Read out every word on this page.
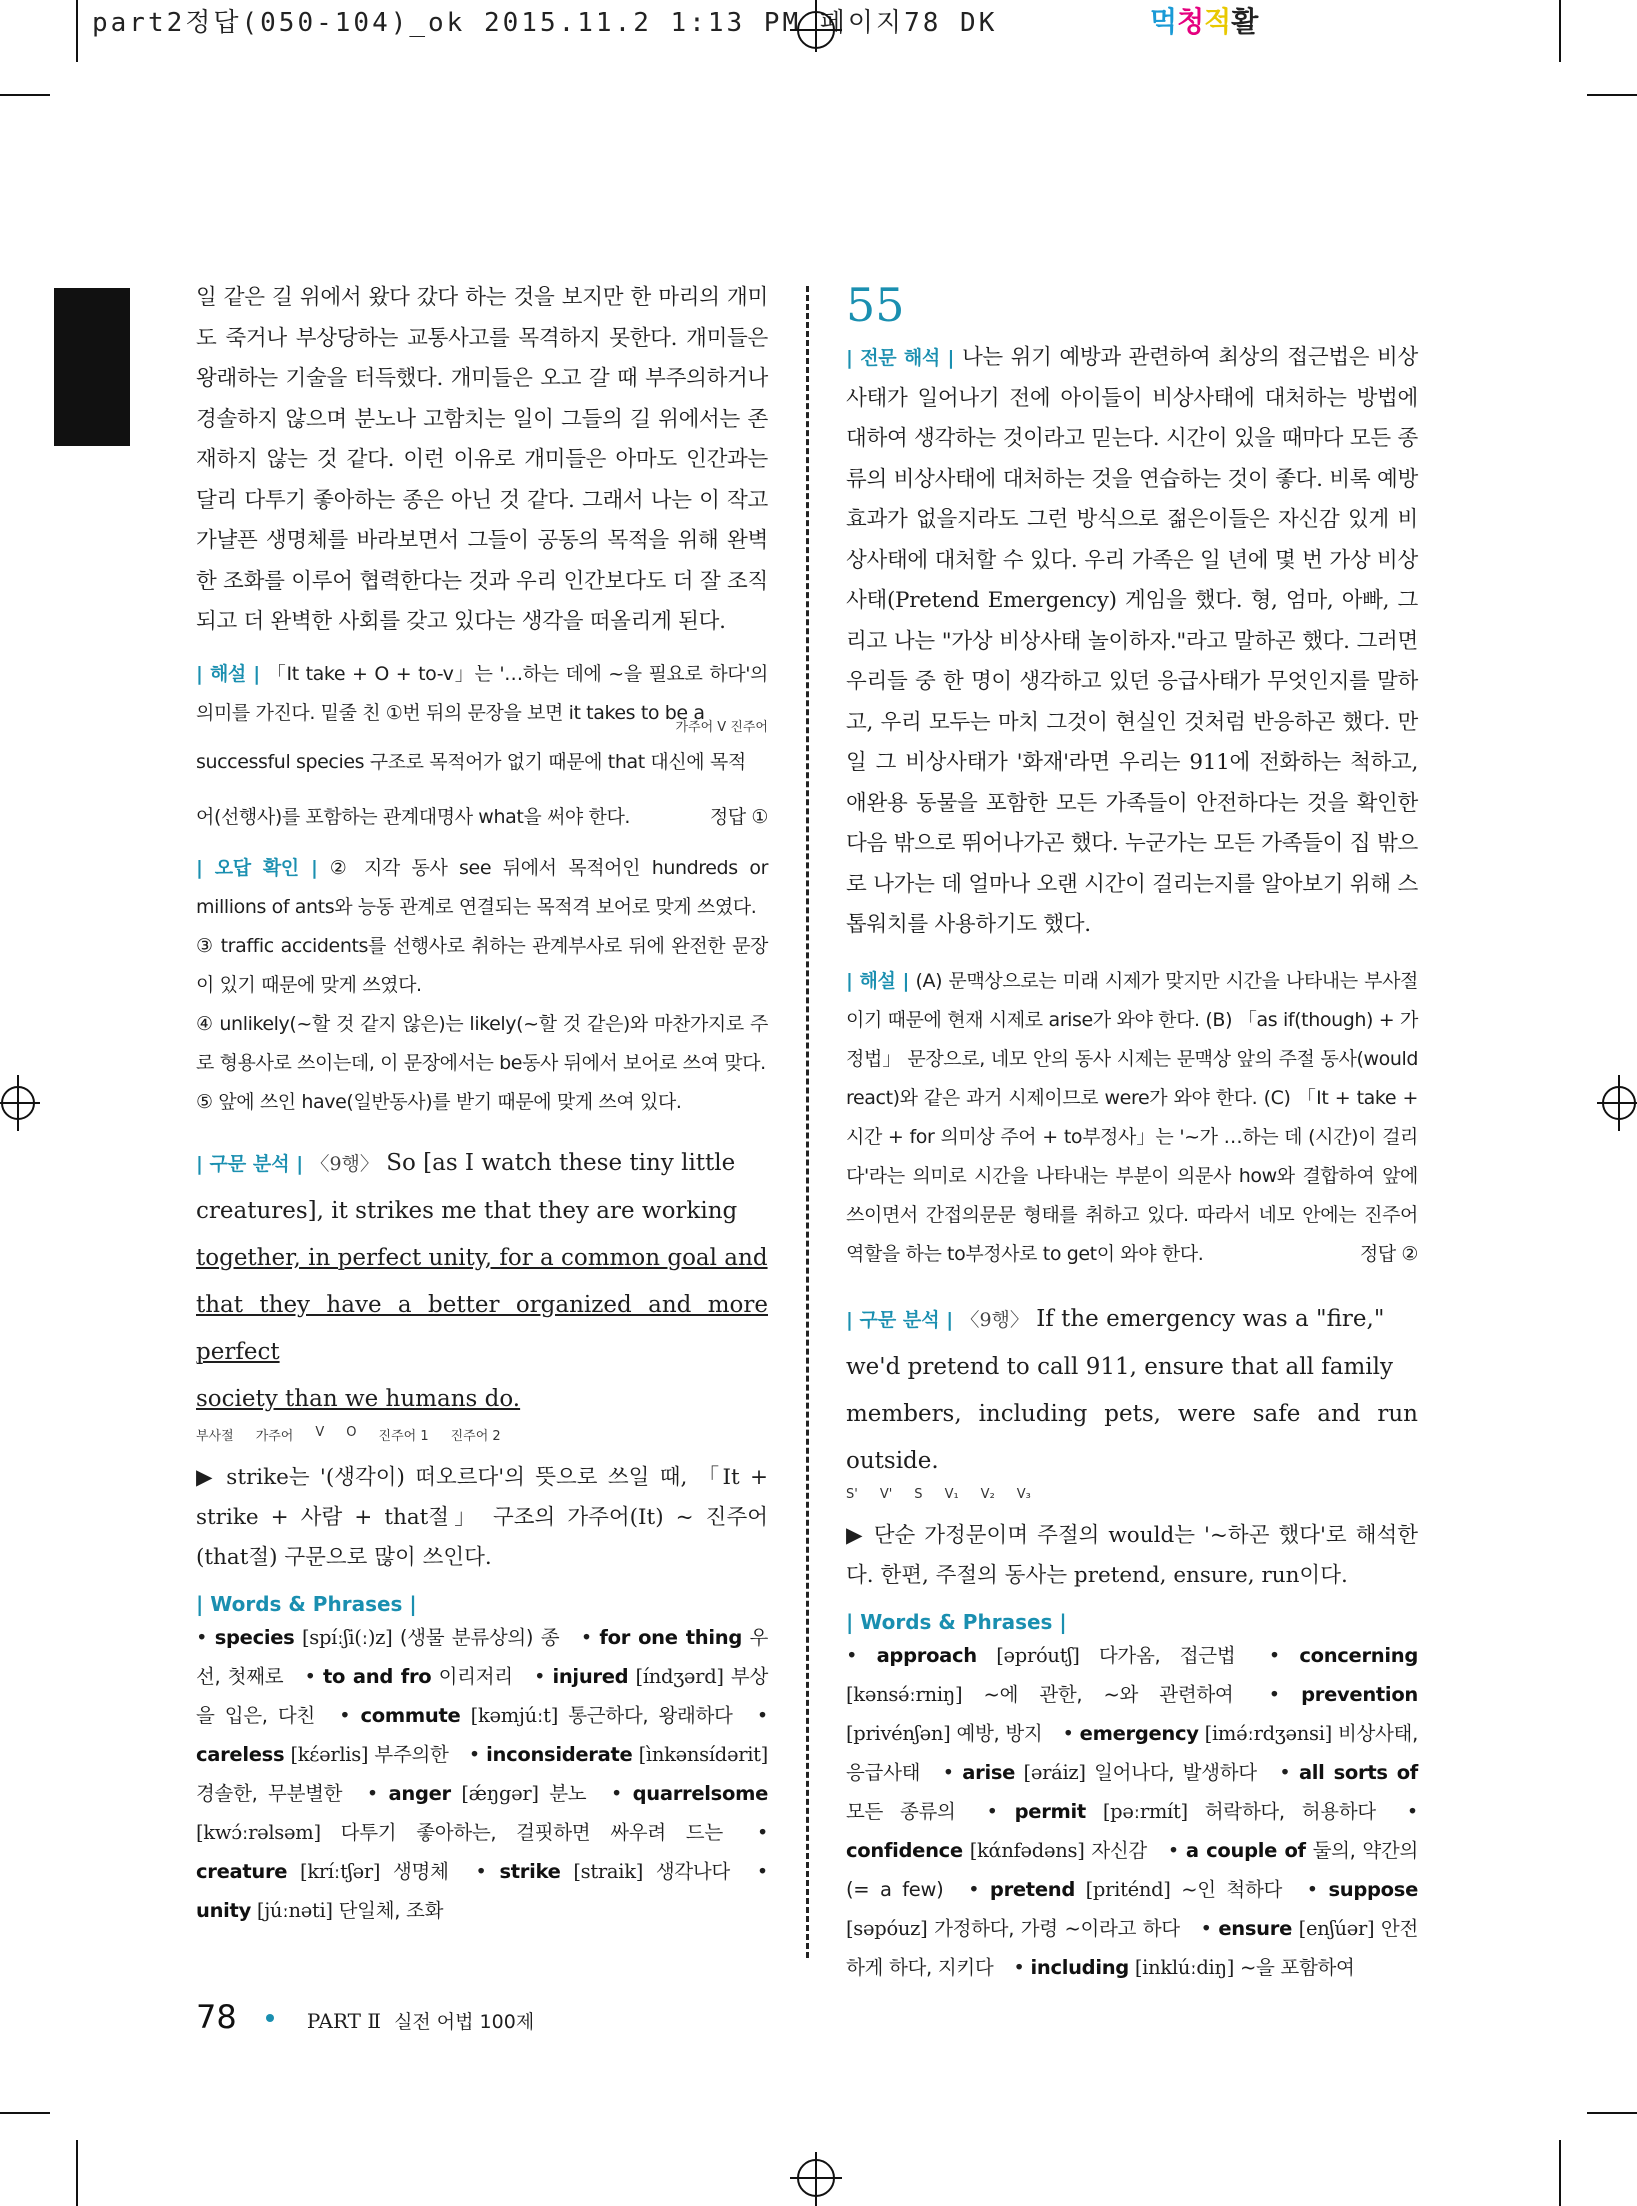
part2정답(050-104)_ok 2015.11.2 1:13 PM 페이지78 DK	먹청적활

일 같은 길 위에서 왔다 갔다 하는 것을 보지만 한 마리의 개미도 죽거나 부상당하는 교통사고를 목격하지 못한다. 개미들은 왕래하는 기술을 터득했다. 개미들은 오고 갈 때 부주의하거나 경솔하지 않으며 분노나 고함치는 일이 그들의 길 위에서는 존재하지 않는 것 같다. 이런 이유로 개미들은 아마도 인간과는 달리 다투기 좋아하는 종은 아닌 것 같다. 그래서 나는 이 작고 가냘픈 생명체를 바라보면서 그들이 공동의 목적을 위해 완벽한 조화를 이루어 협력한다는 것과 우리 인간보다도 더 잘 조직되고 더 완벽한 사회를 갖고 있다는 생각을 떠올리게 된다.

| 해설 | 「It take + O + to-v」는 '…하는 데에 ~을 필요로 하다'의 의미를 가진다. 밑줄 친 ①번 뒤의 문장을 보면 it takes to be a

가주어 V 진주어

successful species 구조로 목적어가 없기 때문에 that 대신에 목적

어(선행사)를 포함하는 관계대명사 what을 써야 한다.	정답 ①

| 오답 확인 | ② 지각 동사 see 뒤에서 목적어인 hundreds or millions of ants와 능동 관계로 연결되는 목적격 보어로 맞게 쓰였다.
③ traffic accidents를 선행사로 취하는 관계부사로 뒤에 완전한 문장이 있기 때문에 맞게 쓰였다.
④ unlikely(~할 것 같지 않은)는 likely(~할 것 같은)와 마찬가지로 주로 형용사로 쓰이는데, 이 문장에서는 be동사 뒤에서 보어로 쓰여 맞다.
⑤ 앞에 쓰인 have(일반동사)를 받기 때문에 맞게 쓰여 있다.

| 구문 분석 | 〈9행〉 So [as I watch these tiny little

creatures], it strikes me that they are working

together, in perfect unity, for a common goal and

that they have a better organized and more perfect

society than we humans do.

부사절 가주어 V O 진주어 1 진주어 2

▶ strike는 '(생각이) 떠오르다'의 뜻으로 쓰일 때, 「It + strike + 사람 + that절」 구조의 가주어(It) ~ 진주어(that절) 구문으로 많이 쓰인다.

| Words & Phrases |

• species [spíːʃi(ː)z] (생물 분류상의) 종 • for one thing 우선, 첫째로 • to and fro 이리저리 • injured [índʒərd] 부상을 입은, 다친 • commute [kəmjúːt] 통근하다, 왕래하다 • careless [kέərlis] 부주의한 • inconsiderate [ìnkənsídərit] 경솔한, 무분별한 • anger [ǽŋgər] 분노 • quarrelsome [kwɔ́ːrəlsəm] 다투기 좋아하는, 걸핏하면 싸우려 드는 • creature [kríːtʃər] 생명체 • strike [straik] 생각나다 • unity [júːnəti] 단일체, 조화

55

| 전문 해석 | 나는 위기 예방과 관련하여 최상의 접근법은 비상사태가 일어나기 전에 아이들이 비상사태에 대처하는 방법에 대하여 생각하는 것이라고 믿는다. 시간이 있을 때마다 모든 종류의 비상사태에 대처하는 것을 연습하는 것이 좋다. 비록 예방 효과가 없을지라도 그런 방식으로 젊은이들은 자신감 있게 비상사태에 대처할 수 있다. 우리 가족은 일 년에 몇 번 가상 비상사태(Pretend Emergency) 게임을 했다. 형, 엄마, 아빠, 그리고 나는 "가상 비상사태 놀이하자."라고 말하곤 했다. 그러면 우리들 중 한 명이 생각하고 있던 응급사태가 무엇인지를 말하고, 우리 모두는 마치 그것이 현실인 것처럼 반응하곤 했다. 만일 그 비상사태가 '화재'라면 우리는 911에 전화하는 척하고, 애완용 동물을 포함한 모든 가족들이 안전하다는 것을 확인한 다음 밖으로 뛰어나가곤 했다. 누군가는 모든 가족들이 집 밖으로 나가는 데 얼마나 오랜 시간이 걸리는지를 알아보기 위해 스톱워치를 사용하기도 했다.

| 해설 | (A) 문맥상으로는 미래 시제가 맞지만 시간을 나타내는 부사절이기 때문에 현재 시제로 arise가 와야 한다. (B) 「as if(though) + 가정법」 문장으로, 네모 안의 동사 시제는 문맥상 앞의 주절 동사(would react)와 같은 과거 시제이므로 were가 와야 한다. (C) 「It + take + 시간 + for 의미상 주어 + to부정사」는 '~가 …하는 데 (시간)이 걸리다'라는 의미로 시간을 나타내는 부분이 의문사 how와 결합하여 앞에 쓰이면서 간접의문문 형태를 취하고 있다. 따라서 네모 안에는 진주어 역할을 하는 to부정사로 to get이 와야 한다.	정답 ②

| 구문 분석 | 〈9행〉 If the emergency was a "fire,"

we'd pretend to call 911, ensure that all family

members, including pets, were safe and run outside.

S' V' S V₁ V₂ V₃

▶ 단순 가정문이며 주절의 would는 '~하곤 했다'로 해석한다. 한편, 주절의 동사는 pretend, ensure, run이다.

| Words & Phrases |

• approach [əpróutʃ] 다가옴, 접근법 • concerning [kənsə́ːrniŋ] ~에 관한, ~와 관련하여 • prevention [privénʃən] 예방, 방지 • emergency [imə́ːrdʒənsi] 비상사태, 응급사태 • arise [əráiz] 일어나다, 발생하다 • all sorts of 모든 종류의 • permit [pəːrmít] 허락하다, 허용하다 • confidence [kάnfədəns] 자신감 • a couple of 둘의, 약간의(= a few) • pretend [priténd] ~인 척하다 • suppose [səpóuz] 가정하다, 가령 ~이라고 하다 • ensure [enʃúər] 안전하게 하다, 지키다 • including [inklúːdiŋ] ~을 포함하여

78	PART Ⅱ 실전 어법 100제
